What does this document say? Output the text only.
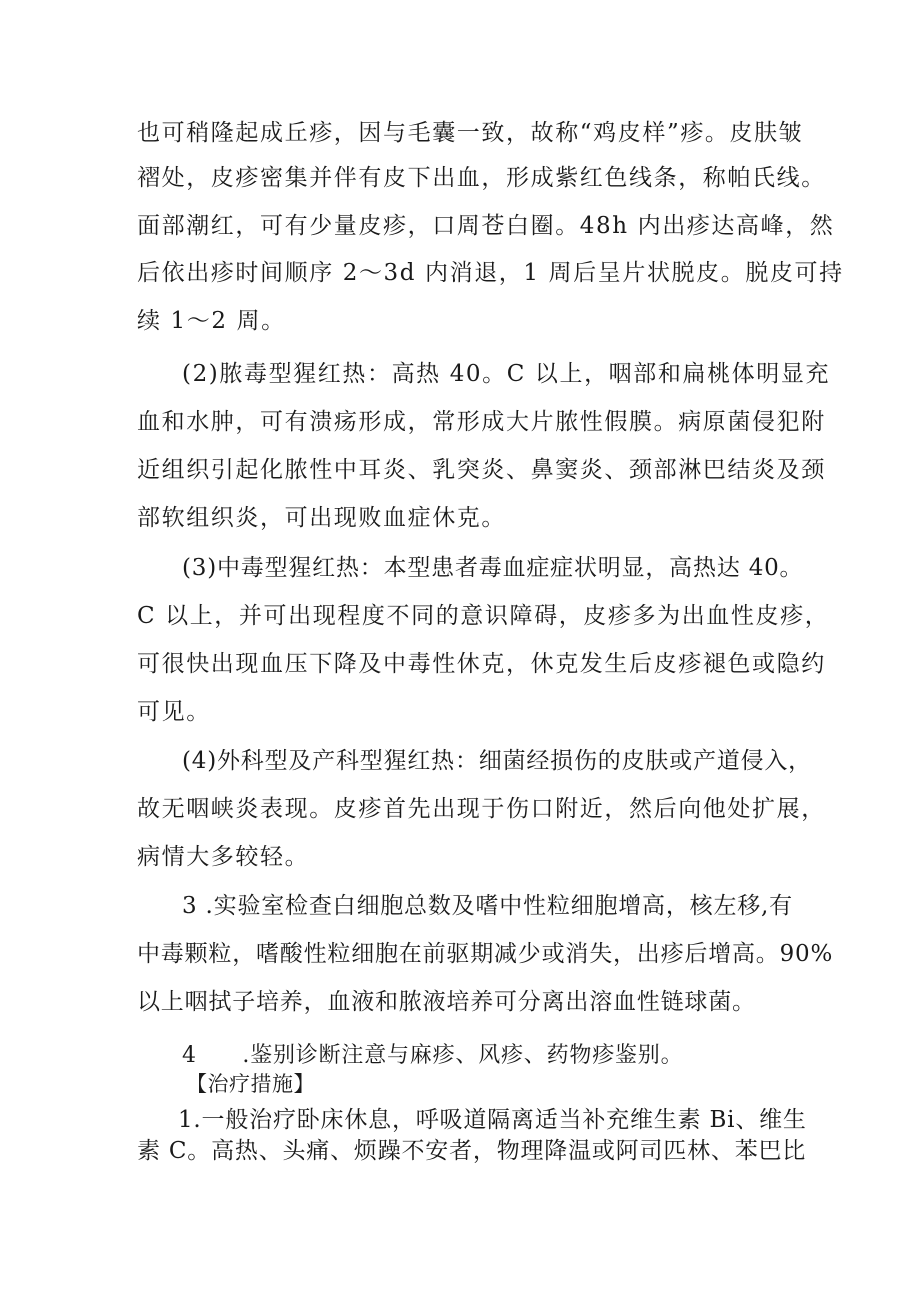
也可稍隆起成丘疹，因与毛囊一致，故称“鸡皮样”疹。皮肤皱
褶处，皮疹密集并伴有皮下出血，形成紫红色线条，称帕氏线。
面部潮红，可有少量皮疹，口周苍白圈。48h 内出疹达高峰，然
后依出疹时间顺序 2～3d 内消退，1 周后呈片状脱皮。脱皮可持
续 1～2 周。
(2)脓毒型猩红热：高热 40。C 以上，咽部和扁桃体明显充
血和水肿，可有溃疡形成，常形成大片脓性假膜。病原菌侵犯附
近组织引起化脓性中耳炎、乳突炎、鼻窦炎、颈部淋巴结炎及颈
部软组织炎，可出现败血症休克。
(3)中毒型猩红热：本型患者毒血症症状明显，高热达 40。
C 以上，并可出现程度不同的意识障碍，皮疹多为出血性皮疹，
可很快出现血压下降及中毒性休克，休克发生后皮疹褪色或隐约
可见。
(4)外科型及产科型猩红热：细菌经损伤的皮肤或产道侵入，
故无咽峡炎表现。皮疹首先出现于伤口附近，然后向他处扩展，
病情大多较轻。
3 .实验室检查白细胞总数及嗜中性粒细胞增高，核左移,有
中毒颗粒，嗜酸性粒细胞在前驱期减少或消失，出疹后增高。90%
以上咽拭子培养，血液和脓液培养可分离出溶血性链球菌。
4　　.鉴别诊断注意与麻疹、风疹、药物疹鉴别。
【治疗措施】
1.一般治疗卧床休息，呼吸道隔离适当补充维生素 Bi、维生
素 C。高热、头痛、烦躁不安者，物理降温或阿司匹林、苯巴比
